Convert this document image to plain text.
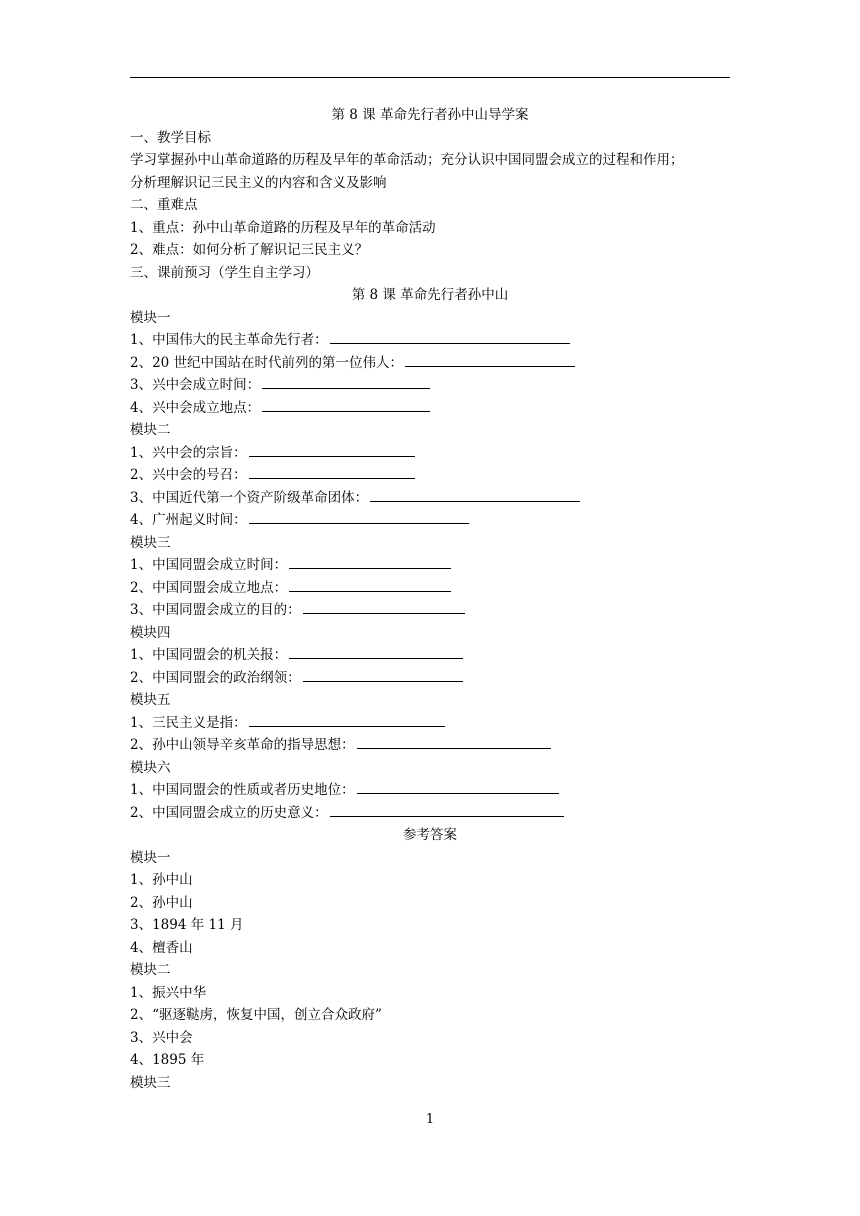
第 8 课 革命先行者孙中山导学案
一、教学目标
学习掌握孙中山革命道路的历程及早年的革命活动；充分认识中国同盟会成立的过程和作用；
分析理解识记三民主义的内容和含义及影响
二、重难点
1、重点：孙中山革命道路的历程及早年的革命活动
2、难点：如何分析了解识记三民主义？
三、课前预习（学生自主学习）
第 8 课 革命先行者孙中山
模块一
1、中国伟大的民主革命先行者：
2、20 世纪中国站在时代前列的第一位伟人：
3、兴中会成立时间：
4、兴中会成立地点：
模块二
1、兴中会的宗旨：
2、兴中会的号召：
3、中国近代第一个资产阶级革命团体：
4、广州起义时间：
模块三
1、中国同盟会成立时间：
2、中国同盟会成立地点：
3、中国同盟会成立的目的：
模块四
1、中国同盟会的机关报：
2、中国同盟会的政治纲领：
模块五
1、三民主义是指：
2、孙中山领导辛亥革命的指导思想：
模块六
1、中国同盟会的性质或者历史地位：
2、中国同盟会成立的历史意义：
参考答案
模块一
1、孙中山
2、孙中山
3、1894 年 11 月
4、檀香山
模块二
1、振兴中华
2、“驱逐鞑虏，恢复中国，创立合众政府”
3、兴中会
4、1895 年
模块三
1
